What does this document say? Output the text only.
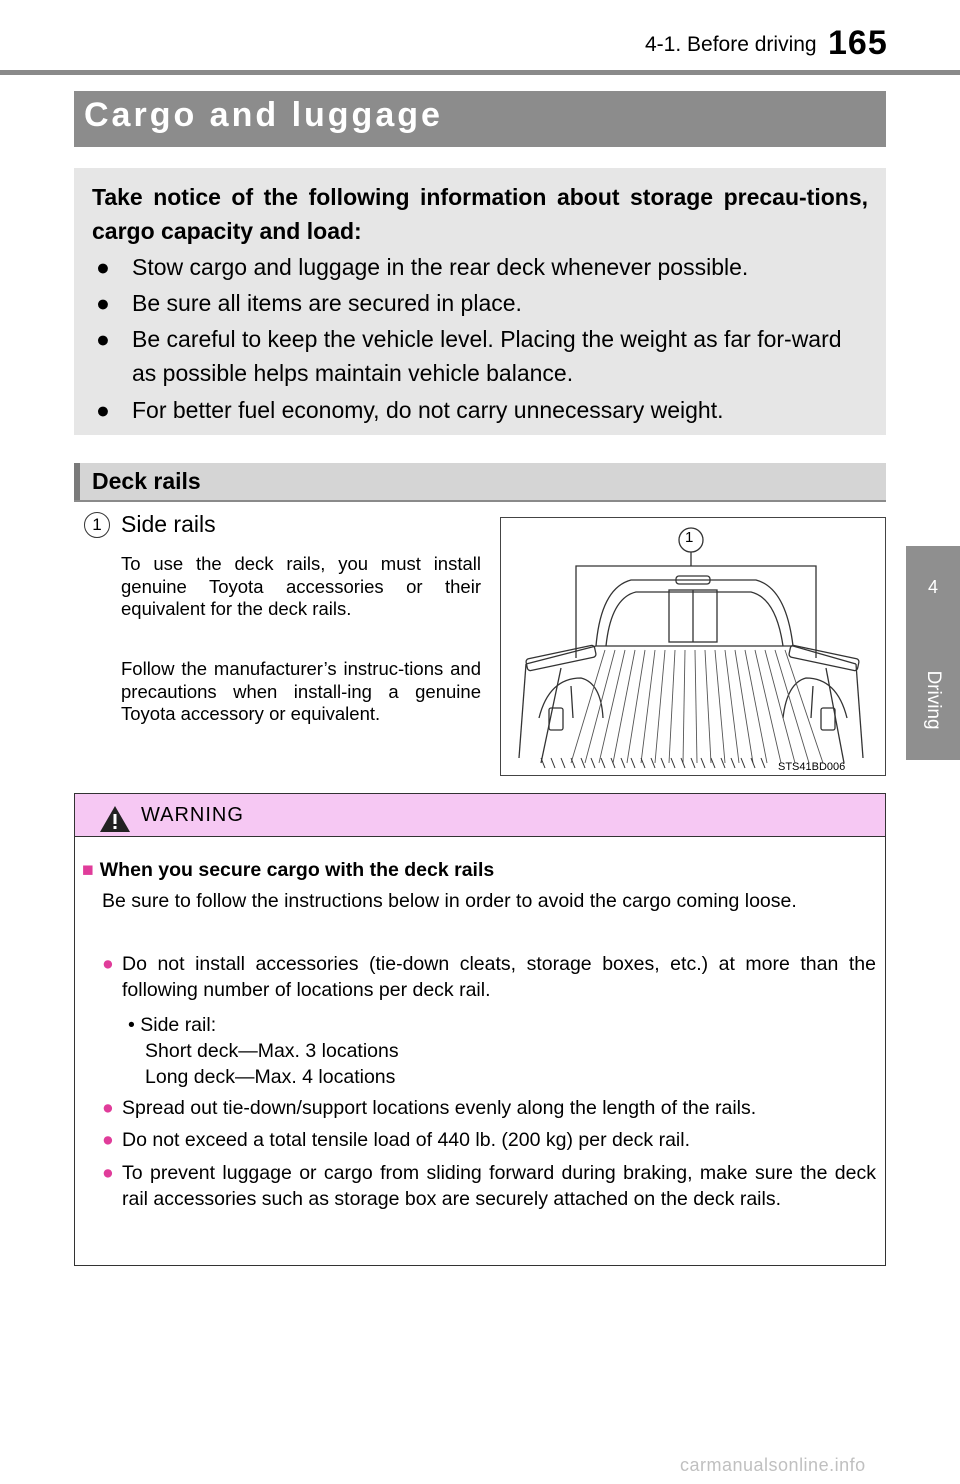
4-1. Before driving 165
4
Driving
Cargo and luggage
Take notice of the following information about storage precau-tions, cargo capacity and load:
● Stow cargo and luggage in the rear deck whenever possible.
● Be sure all items are secured in place.
● Be careful to keep the vehicle level. Placing the weight as far for-ward as possible helps maintain vehicle balance.
● For better fuel economy, do not carry unnecessary weight.
Deck rails
1 Side rails
To use the deck rails, you must install genuine Toyota accessories or their equivalent for the deck rails.
Follow the manufacturer’s instruc-tions and precautions when install-ing a genuine Toyota accessory or equivalent.
1
STS41BD006
WARNING
■ When you secure cargo with the deck rails
Be sure to follow the instructions below in order to avoid the cargo coming loose.
● Do not install accessories (tie-down cleats, storage boxes, etc.) at more than the following number of locations per deck rail.
• Side rail:
Short deck—Max. 3 locations
Long deck—Max. 4 locations
● Spread out tie-down/support locations evenly along the length of the rails.
● Do not exceed a total tensile load of 440 lb. (200 kg) per deck rail.
● To prevent luggage or cargo from sliding forward during braking, make sure the deck rail accessories such as storage box are securely attached on the deck rails.
carmanualsonline.info
